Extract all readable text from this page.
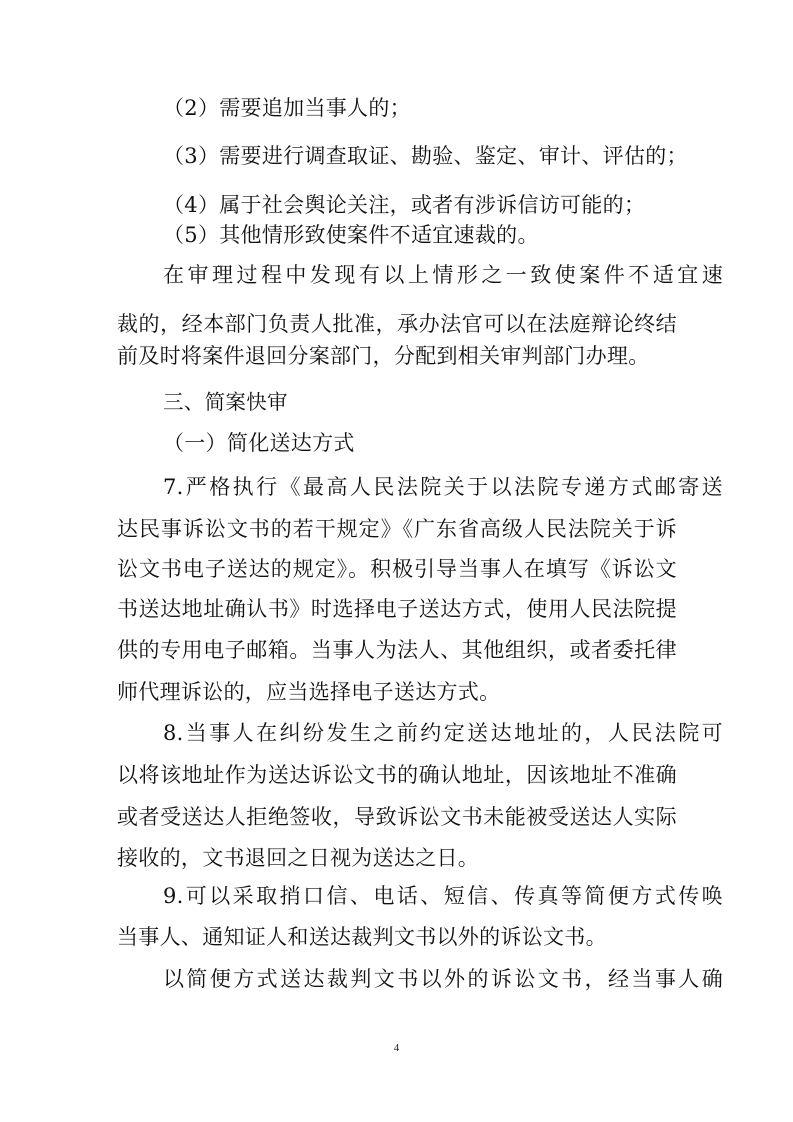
（2）需要追加当事人的；
（3）需要进行调查取证、勘验、鉴定、审计、评估的；
（4）属于社会舆论关注，或者有涉诉信访可能的；
（5）其他情形致使案件不适宜速裁的。
在审理过程中发现有以上情形之一致使案件不适宜速
裁的，经本部门负责人批准，承办法官可以在法庭辩论终结
前及时将案件退回分案部门，分配到相关审判部门办理。
三、简案快审
（一）简化送达方式
7.严格执行《最高人民法院关于以法院专递方式邮寄送
达民事诉讼文书的若干规定》《广东省高级人民法院关于诉
讼文书电子送达的规定》。积极引导当事人在填写《诉讼文
书送达地址确认书》时选择电子送达方式，使用人民法院提
供的专用电子邮箱。当事人为法人、其他组织，或者委托律
师代理诉讼的，应当选择电子送达方式。
8.当事人在纠纷发生之前约定送达地址的，人民法院可
以将该地址作为送达诉讼文书的确认地址，因该地址不准确
或者受送达人拒绝签收，导致诉讼文书未能被受送达人实际
接收的，文书退回之日视为送达之日。
9.可以采取捎口信、电话、短信、传真等简便方式传唤
当事人、通知证人和送达裁判文书以外的诉讼文书。
以简便方式送达裁判文书以外的诉讼文书，经当事人确
4
